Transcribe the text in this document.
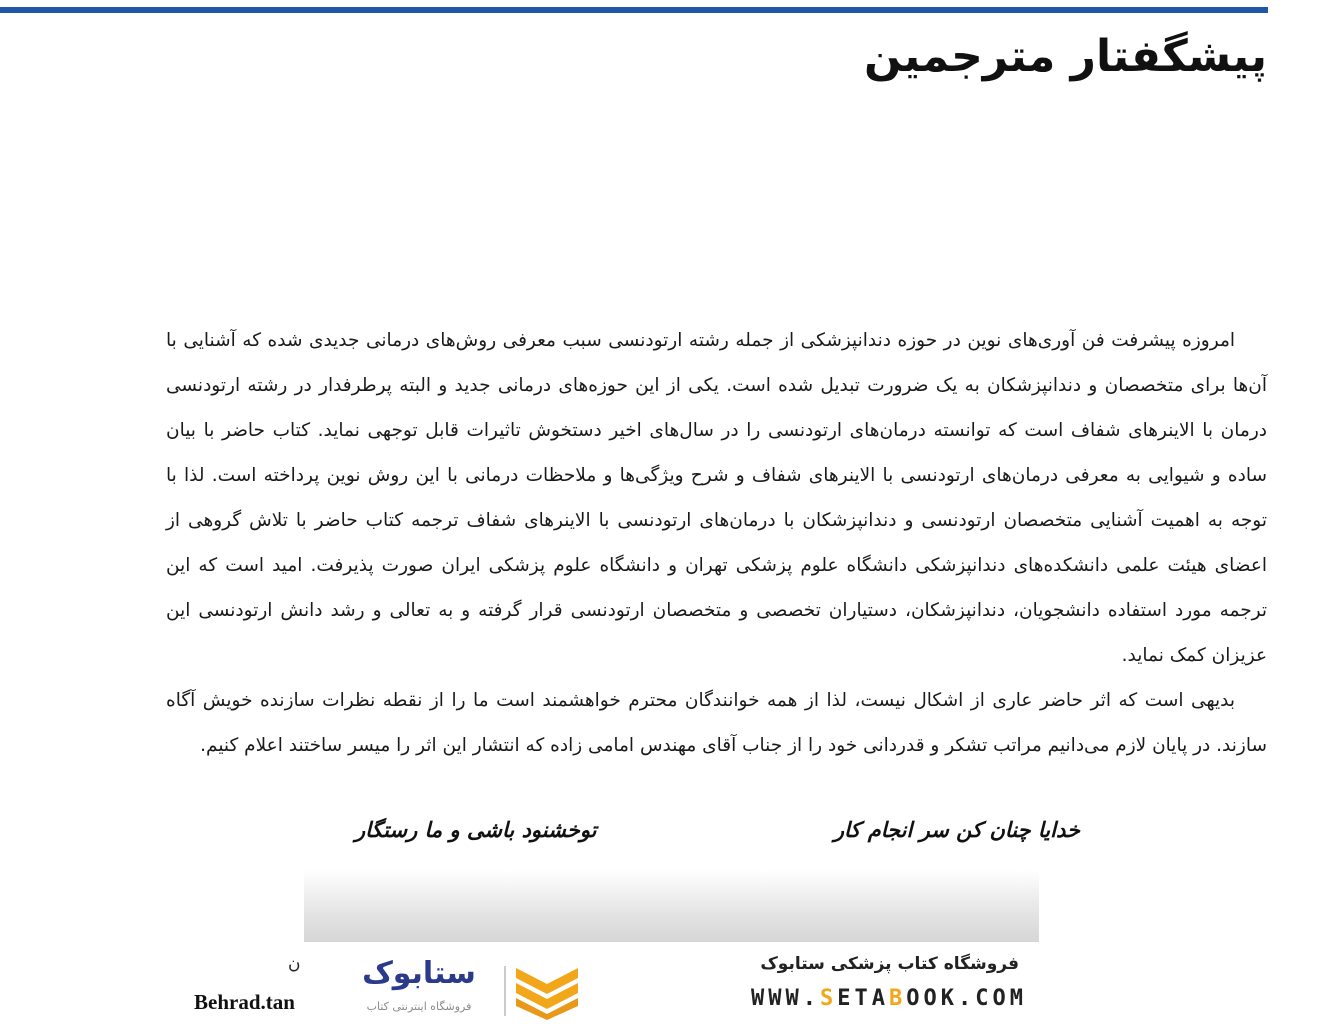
پیشگفتار مترجمین

امروزه پیشرفت فن آوری‌های نوین در حوزه دندانپزشکی از جمله رشته ارتودنسی سبب معرفی روش‌های درمانی جدیدی شده که آشنایی با آن‌ها برای متخصصان و دندانپزشکان به یک ضرورت تبدیل شده است. یکی از این حوزه‌های درمانی جدید و البته پرطرفدار در رشته ارتودنسی درمان با الاینرهای شفاف است که توانسته درمان‌های ارتودنسی را در سال‌های اخیر دستخوش تاثیرات قابل توجهی نماید. کتاب حاضر با بیان ساده و شیوایی به معرفی درمان‌های ارتودنسی با الاینرهای شفاف و شرح ویژگی‌ها و ملاحظات درمانی با این روش نوین پرداخته است. لذا با توجه به اهمیت آشنایی متخصصان ارتودنسی و دندانپزشکان با درمان‌های ارتودنسی با الاینرهای شفاف ترجمه کتاب حاضر با تلاش گروهی از اعضای هیئت علمی دانشکده‌های دندانپزشکی دانشگاه علوم پزشکی تهران و دانشگاه علوم پزشکی ایران صورت پذیرفت. امید است که این ترجمه مورد استفاده دانشجویان، دندانپزشکان، دستیاران تخصصی و متخصصان ارتودنسی قرار گرفته و به تعالی و رشد دانش ارتودنسی این عزیزان کمک نماید.

بدیهی است که اثر حاضر عاری از اشکال نیست، لذا از همه خوانندگان محترم خواهشمند است ما را از نقطه نظرات سازنده خویش آگاه سازند. در پایان لازم می‌دانیم مراتب تشکر و قدردانی خود را از جناب آقای مهندس امامی زاده که انتشار این اثر را میسر ساختند اعلام کنیم.

خدایا چنان کن سر انجام کار
توخشنود باشی و ما رستگار
فروشگاه کتاب پزشکی ستابوک
WWW.SETABOOK.COM
ستابوک
فروشگاه اینترنتی کتاب
ن
Behrad.tan
